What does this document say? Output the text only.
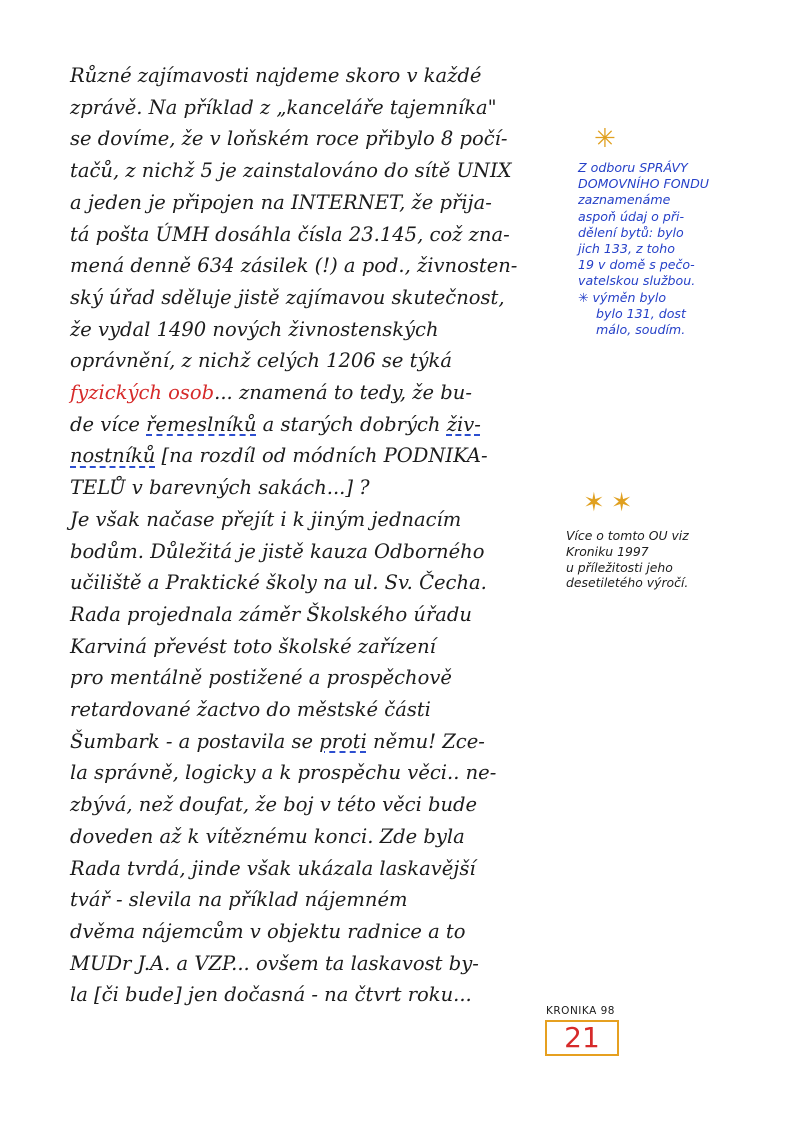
Různé zajímavosti najdeme skoro v každé
zprávě. Na příklad z „kanceláře tajemníka"
se dovíme, že v loňském roce přibylo 8 počí-
tačů, z nichž 5 je zainstalováno do sítě UNIX
a jeden je připojen na INTERNET, že přija-
tá pošta ÚMH dosáhla čísla 23.145, což zna-
mená denně 634 zásilek (!) a pod., živnosten-
ský úřad sděluje jistě zajímavou skutečnost,
že vydal 1490 nových živnostenských
oprávnění, z nichž celých 1206 se týká
fyzických osob... znamená to tedy, že bu-
de více řemeslníků a starých dobrých živ-
nostníků [na rozdíl od módních PODNIKA-
TELŮ v barevných sakách...] ?
Je však načase přejít i k jiným jednacím
bodům. Důležitá je jistě kauza Odborného
učiliště a Praktické školy na ul. Sv. Čecha.
Rada projednala záměr Školského úřadu
Karviná převést toto školské zařízení
pro mentálně postižené a prospěchově
retardované žactvo do městské části
Šumbark - a postavila se proti němu! Zce-
la správně, logicky a k prospěchu věci.. ne-
zbývá, než doufat, že boj v této věci bude
doveden až k vítěznému konci. Zde byla
Rada tvrdá, jinde však ukázala laskavější
tvář - slevila na příklad nájemném
dvěma nájemcům v objektu radnice a to
MUDr J.A. a VZP... ovšem ta laskavost by-
la [či bude] jen dočasná - na čtvrt roku...
✳
Z odboru SPRÁVY
DOMOVNÍHO FONDU
zaznamenáme
aspoň údaj o při-
dělení bytů: bylo
jich 133, z toho
19 v domě s pečo-
vatelskou službou.
✳ výměn bylo
bylo 131, dost
málo, soudím.
✶✶
Více o tomto OU viz
Kroniku 1997
u příležitosti jeho
desetiletého výročí.
KRONIKA 98
21
